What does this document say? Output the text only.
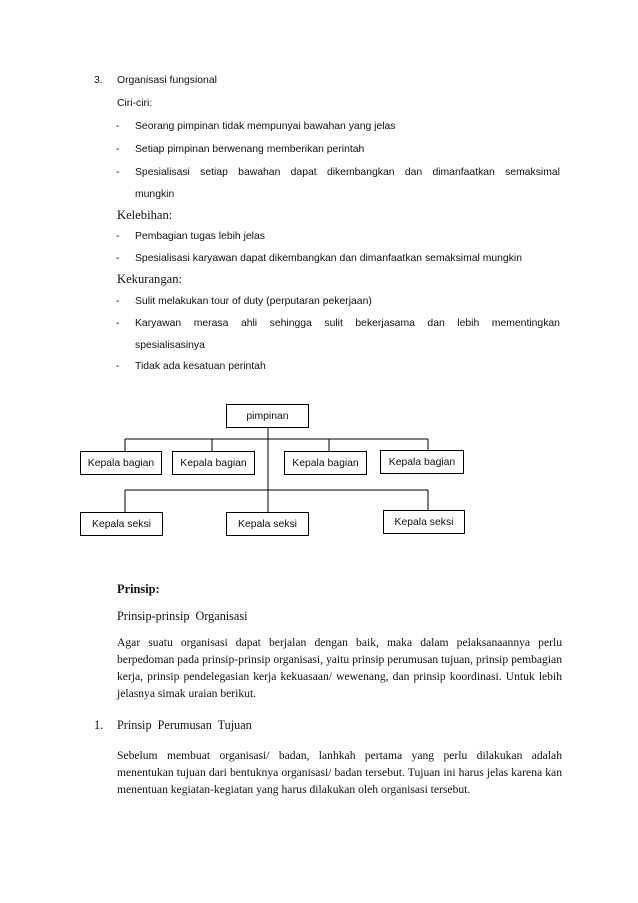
3. Organisasi fungsional
Ciri-ciri:
- Seorang pimpinan tidak mempunyai bawahan yang jelas
- Setiap pimpinan berwenang memberikan perintah
- Spesialisasi setiap bawahan dapat dikembangkan dan dimanfaatkan semaksimal
mungkin
Kelebihan:
- Pembagian tugas lebih jelas
- Spesialisasi karyawan dapat dikembangkan dan dimanfaatkan semaksimal mungkin
Kekurangan:
- Sulit melakukan tour of duty (perputaran pekerjaan)
- Karyawan merasa ahli sehingga sulit bekerjasama dan lebih mementingkan
spesialisasinya
- Tidak ada kesatuan perintah
pimpinan
Kepala bagian	Kepala bagian	Kepala bagian	Kepala bagian
Kepala seksi	Kepala seksi	Kepala seksi
Prinsip:
Prinsip-prinsip  Organisasi
Agar suatu organisasi dapat berjalan dengan baik, maka dalam pelaksanaannya perlu berpedoman pada prinsip-prinsip organisasi, yaitu prinsip perumusan tujuan, prinsip pembagian kerja, prinsip pendelegasian kerja kekuasaan/ wewenang, dan prinsip koordinasi. Untuk lebih jelasnya simak uraian berikut.
1. Prinsip  Perumusan  Tujuan
Sebelum membuat organisasi/ badan, lanhkah pertama yang perlu dilakukan adalah menentukan tujuan dari bentuknya organisasi/ badan tersebut. Tujuan ini harus jelas karena kan menentuan kegiatan-kegiatan yang harus dilakukan oleh organisasi tersebut.
